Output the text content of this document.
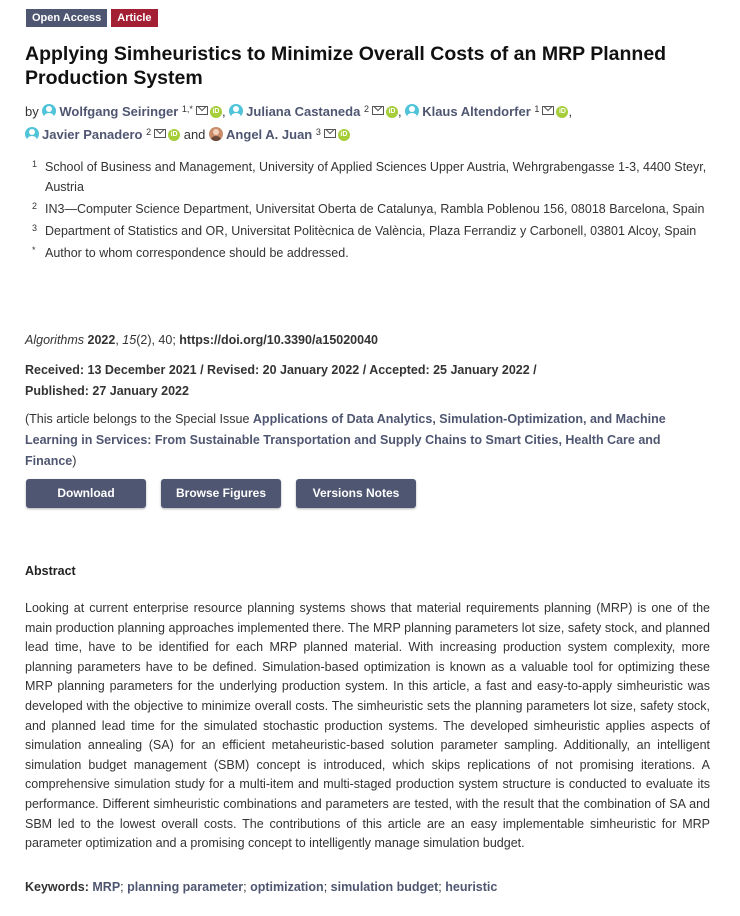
Open Access	Article
Applying Simheuristics to Minimize Overall Costs of an MRP Planned Production System
by Wolfgang Seiringer $^{1,*}$	iD , Juliana Castaneda $^2$	iD , Klaus Altendorfer $^1$	iD ,
Javier Panadero $^2$	iD and Angel A. Juan $^3$	iD
1 School of Business and Management, University of Applied Sciences Upper Austria, Wehrgrabengasse 1-3, 4400 Steyr, Austria
2 IN3—Computer Science Department, Universitat Oberta de Catalunya, Rambla Poblenou 156, 08018 Barcelona, Spain
3 Department of Statistics and OR, Universitat Politècnica de València, Plaza Ferrandiz y Carbonell, 03801 Alcoy, Spain
* Author to whom correspondence should be addressed.
Algorithms 2022, 15(2), 40; https://doi.org/10.3390/a15020040
Received: 13 December 2021 / Revised: 20 January 2022 / Accepted: 25 January 2022 /
Published: 27 January 2022
(This article belongs to the Special Issue Applications of Data Analytics, Simulation-Optimization, and Machine Learning in Services: From Sustainable Transportation and Supply Chains to Smart Cities, Health Care and Finance)
Download	Browse Figures	Versions Notes
Abstract

Looking at current enterprise resource planning systems shows that material requirements planning (MRP) is one of the main production planning approaches implemented there. The MRP planning parameters lot size, safety stock, and planned lead time, have to be identified for each MRP planned material. With increasing production system complexity, more planning parameters have to be defined. Simulation-based optimization is known as a valuable tool for optimizing these MRP planning parameters for the underlying production system. In this article, a fast and easy-to-apply simheuristic was developed with the objective to minimize overall costs. The simheuristic sets the planning parameters lot size, safety stock, and planned lead time for the simulated stochastic production systems. The developed simheuristic applies aspects of simulation annealing (SA) for an efficient metaheuristic-based solution parameter sampling. Additionally, an intelligent simulation budget management (SBM) concept is introduced, which skips replications of not promising iterations. A comprehensive simulation study for a multi-item and multi-staged production system structure is conducted to evaluate its performance. Different simheuristic combinations and parameters are tested, with the result that the combination of SA and SBM led to the lowest overall costs. The contributions of this article are an easy implementable simheuristic for MRP parameter optimization and a promising concept to intelligently manage simulation budget.

Keywords: MRP; planning parameter; optimization; simulation budget; heuristic
